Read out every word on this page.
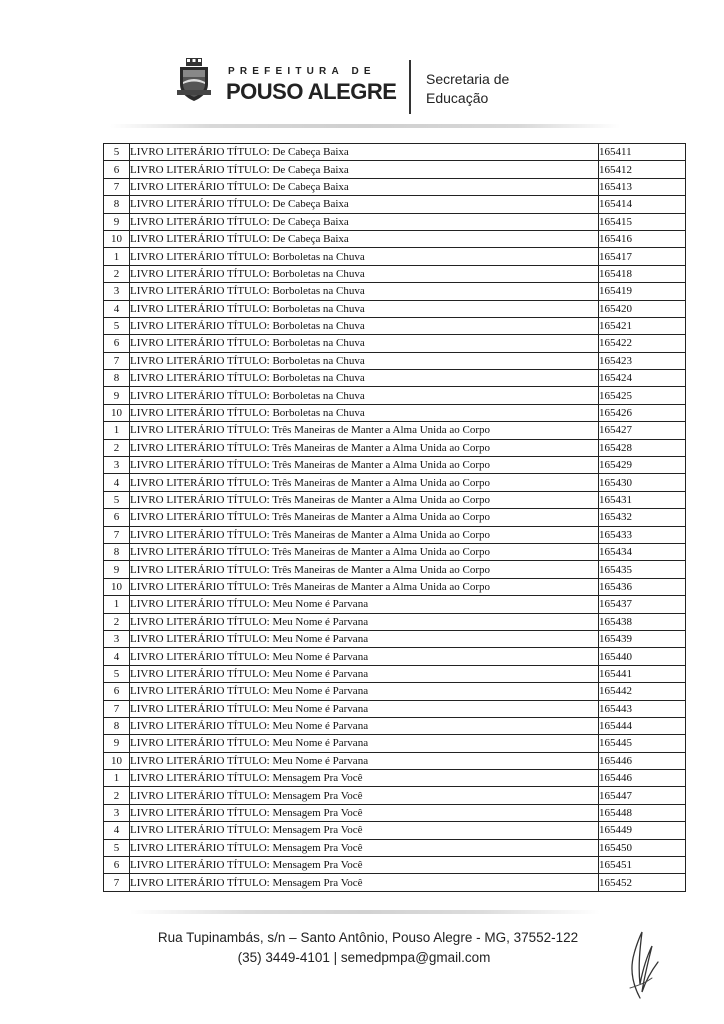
PREFEITURA DE
POUSO ALEGRE Secretaria de
Educação
5	LIVRO LITERÁRIO TÍTULO: De Cabeça Baixa	165411
6	LIVRO LITERÁRIO TÍTULO: De Cabeça Baixa	165412
7	LIVRO LITERÁRIO TÍTULO: De Cabeça Baixa	165413
8	LIVRO LITERÁRIO TÍTULO: De Cabeça Baixa	165414
9	LIVRO LITERÁRIO TÍTULO: De Cabeça Baixa	165415
10	LIVRO LITERÁRIO TÍTULO: De Cabeça Baixa	165416
1	LIVRO LITERÁRIO TÍTULO: Borboletas na Chuva	165417
2	LIVRO LITERÁRIO TÍTULO: Borboletas na Chuva	165418
3	LIVRO LITERÁRIO TÍTULO: Borboletas na Chuva	165419
4	LIVRO LITERÁRIO TÍTULO: Borboletas na Chuva	165420
5	LIVRO LITERÁRIO TÍTULO: Borboletas na Chuva	165421
6	LIVRO LITERÁRIO TÍTULO: Borboletas na Chuva	165422
7	LIVRO LITERÁRIO TÍTULO: Borboletas na Chuva	165423
8	LIVRO LITERÁRIO TÍTULO: Borboletas na Chuva	165424
9	LIVRO LITERÁRIO TÍTULO: Borboletas na Chuva	165425
10	LIVRO LITERÁRIO TÍTULO: Borboletas na Chuva	165426
1	LIVRO LITERÁRIO TÍTULO: Três Maneiras de Manter a Alma Unida ao Corpo	165427
2	LIVRO LITERÁRIO TÍTULO: Três Maneiras de Manter a Alma Unida ao Corpo	165428
3	LIVRO LITERÁRIO TÍTULO: Três Maneiras de Manter a Alma Unida ao Corpo	165429
4	LIVRO LITERÁRIO TÍTULO: Três Maneiras de Manter a Alma Unida ao Corpo	165430
5	LIVRO LITERÁRIO TÍTULO: Três Maneiras de Manter a Alma Unida ao Corpo	165431
6	LIVRO LITERÁRIO TÍTULO: Três Maneiras de Manter a Alma Unida ao Corpo	165432
7	LIVRO LITERÁRIO TÍTULO: Três Maneiras de Manter a Alma Unida ao Corpo	165433
8	LIVRO LITERÁRIO TÍTULO: Três Maneiras de Manter a Alma Unida ao Corpo	165434
9	LIVRO LITERÁRIO TÍTULO: Três Maneiras de Manter a Alma Unida ao Corpo	165435
10	LIVRO LITERÁRIO TÍTULO: Três Maneiras de Manter a Alma Unida ao Corpo	165436
1	LIVRO LITERÁRIO TÍTULO: Meu Nome é Parvana	165437
2	LIVRO LITERÁRIO TÍTULO: Meu Nome é Parvana	165438
3	LIVRO LITERÁRIO TÍTULO: Meu Nome é Parvana	165439
4	LIVRO LITERÁRIO TÍTULO: Meu Nome é Parvana	165440
5	LIVRO LITERÁRIO TÍTULO: Meu Nome é Parvana	165441
6	LIVRO LITERÁRIO TÍTULO: Meu Nome é Parvana	165442
7	LIVRO LITERÁRIO TÍTULO: Meu Nome é Parvana	165443
8	LIVRO LITERÁRIO TÍTULO: Meu Nome é Parvana	165444
9	LIVRO LITERÁRIO TÍTULO: Meu Nome é Parvana	165445
10	LIVRO LITERÁRIO TÍTULO: Meu Nome é Parvana	165446
1	LIVRO LITERÁRIO TÍTULO: Mensagem Pra Você	165446
2	LIVRO LITERÁRIO TÍTULO: Mensagem Pra Você	165447
3	LIVRO LITERÁRIO TÍTULO: Mensagem Pra Você	165448
4	LIVRO LITERÁRIO TÍTULO: Mensagem Pra Você	165449
5	LIVRO LITERÁRIO TÍTULO: Mensagem Pra Você	165450
6	LIVRO LITERÁRIO TÍTULO: Mensagem Pra Você	165451
7	LIVRO LITERÁRIO TÍTULO: Mensagem Pra Você	165452
Rua Tupinambás, s/n – Santo Antônio, Pouso Alegre - MG, 37552-122
(35) 3449-4101 | semedpmpa@gmail.com
